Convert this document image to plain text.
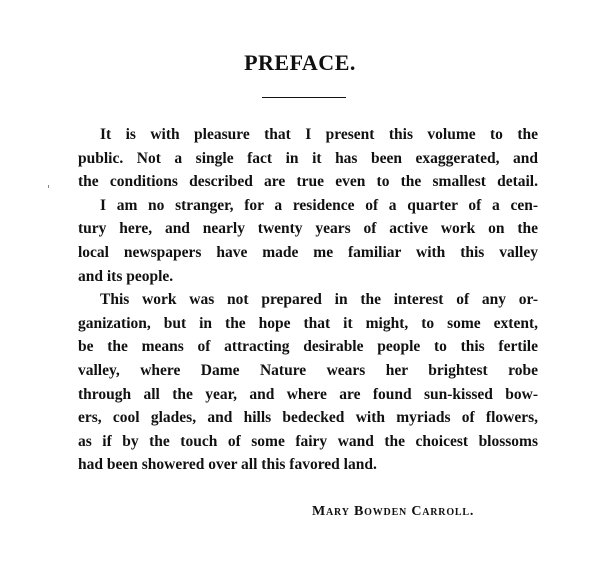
PREFACE.
It is with pleasure that I present this volume to the
public. Not a single fact in it has been exaggerated, and
the conditions described are true even to the smallest detail.
I am no stranger, for a residence of a quarter of a cen-
tury here, and nearly twenty years of active work on the
local newspapers have made me familiar with this valley
and its people.
This work was not prepared in the interest of any or-
ganization, but in the hope that it might, to some extent,
be the means of attracting desirable people to this fertile
valley, where Dame Nature wears her brightest robe
through all the year, and where are found sun-kissed bow-
ers, cool glades, and hills bedecked with myriads of flowers,
as if by the touch of some fairy wand the choicest blossoms
had been showered over all this favored land.
Mary Bowden Carroll.
